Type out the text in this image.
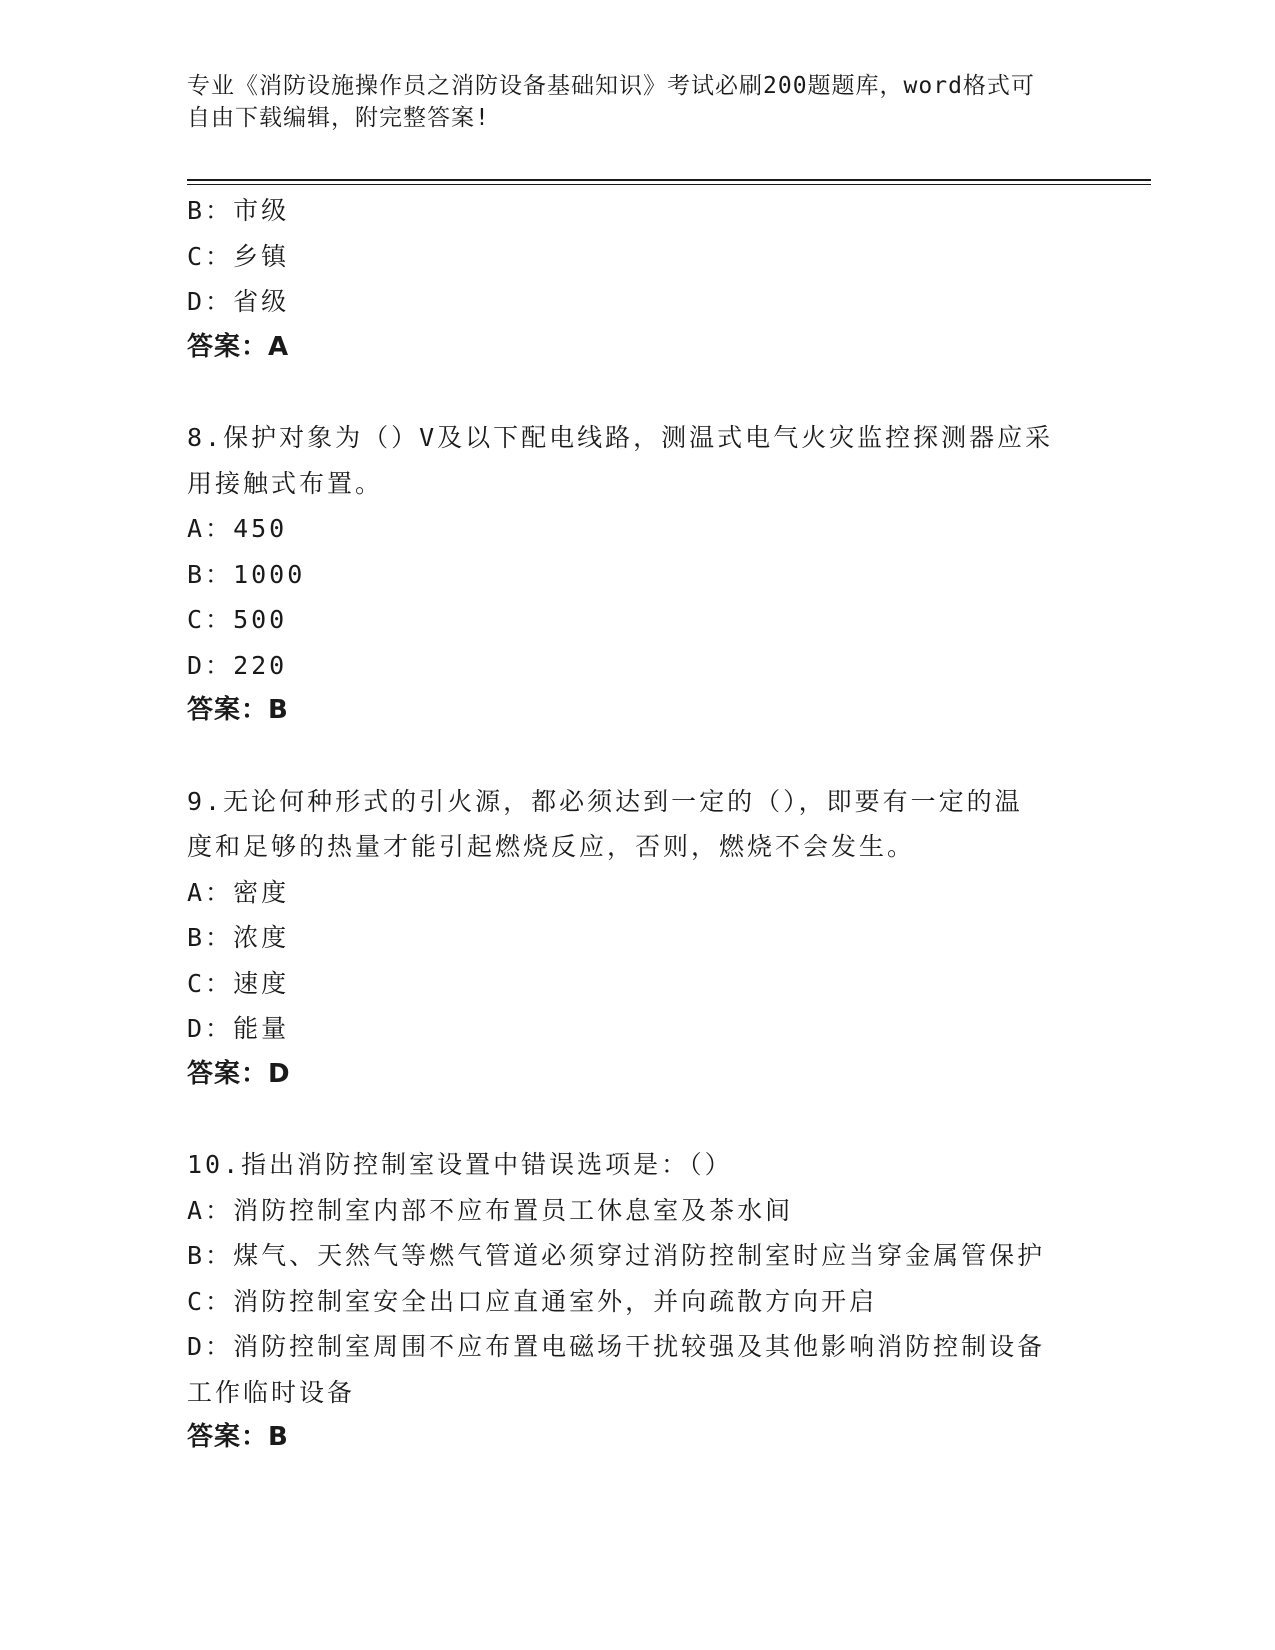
专业《消防设施操作员之消防设备基础知识》考试必刷200题题库，word格式可
自由下载编辑，附完整答案!
B：市级
C：乡镇
D：省级
答案：A
8.保护对象为（）V及以下配电线路，测温式电气火灾监控探测器应采
用接触式布置。
A：450
B：1000
C：500
D：220
答案：B
9.无论何种形式的引火源，都必须达到一定的（），即要有一定的温
度和足够的热量才能引起燃烧反应，否则，燃烧不会发生。
A：密度
B：浓度
C：速度
D：能量
答案：D
10.指出消防控制室设置中错误选项是：（）
A：消防控制室内部不应布置员工休息室及茶水间
B：煤气、天然气等燃气管道必须穿过消防控制室时应当穿金属管保护
C：消防控制室安全出口应直通室外，并向疏散方向开启
D：消防控制室周围不应布置电磁场干扰较强及其他影响消防控制设备
工作临时设备
答案：B
